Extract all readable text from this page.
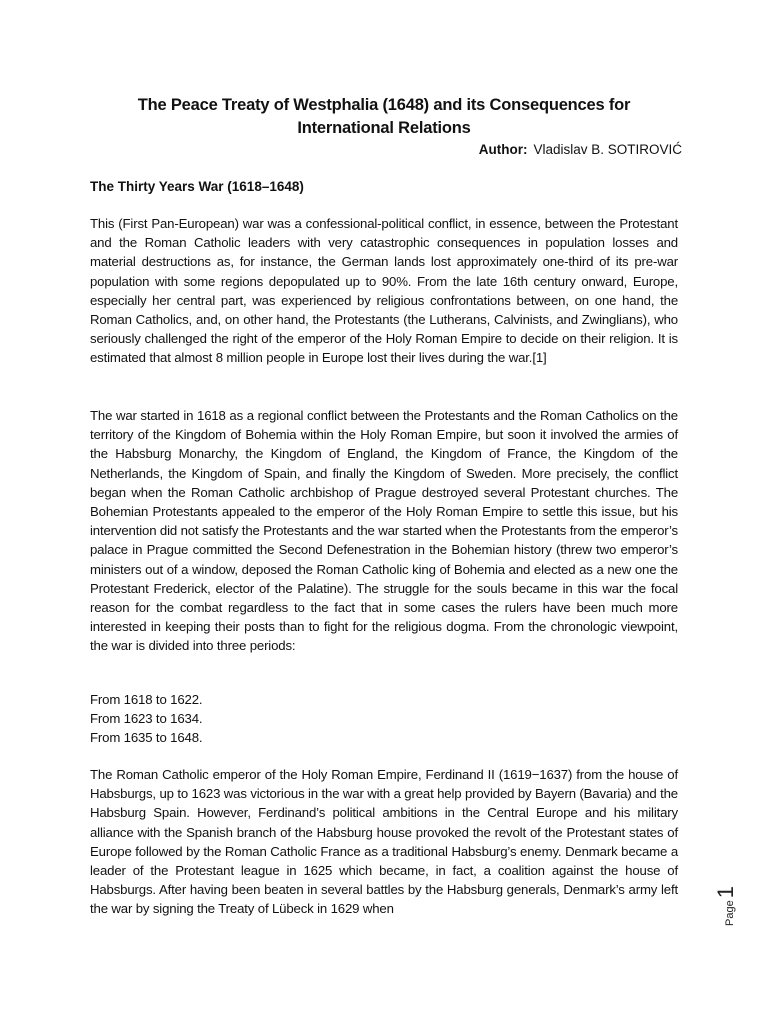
The Peace Treaty of Westphalia (1648) and its Consequences for International Relations
Author: Vladislav B. SOTIROVIĆ
The Thirty Years War (1618–1648)
This (First Pan-European) war was a confessional-political conflict, in essence, between the Protestant and the Roman Catholic leaders with very catastrophic consequences in population losses and material destructions as, for instance, the German lands lost approximately one-third of its pre-war population with some regions depopulated up to 90%. From the late 16th century onward, Europe, especially her central part, was experienced by religious confrontations between, on one hand, the Roman Catholics, and, on other hand, the Protestants (the Lutherans, Calvinists, and Zwinglians), who seriously challenged the right of the emperor of the Holy Roman Empire to decide on their religion. It is estimated that almost 8 million people in Europe lost their lives during the war.[1]
The war started in 1618 as a regional conflict between the Protestants and the Roman Catholics on the territory of the Kingdom of Bohemia within the Holy Roman Empire, but soon it involved the armies of the Habsburg Monarchy, the Kingdom of England, the Kingdom of France, the Kingdom of the Netherlands, the Kingdom of Spain, and finally the Kingdom of Sweden. More precisely, the conflict began when the Roman Catholic archbishop of Prague destroyed several Protestant churches. The Bohemian Protestants appealed to the emperor of the Holy Roman Empire to settle this issue, but his intervention did not satisfy the Protestants and the war started when the Protestants from the emperor’s palace in Prague committed the Second Defenestration in the Bohemian history (threw two emperor’s ministers out of a window, deposed the Roman Catholic king of Bohemia and elected as a new one the Protestant Frederick, elector of the Palatine). The struggle for the souls became in this war the focal reason for the combat regardless to the fact that in some cases the rulers have been much more interested in keeping their posts than to fight for the religious dogma. From the chronologic viewpoint, the war is divided into three periods:
From 1618 to 1622.
From 1623 to 1634.
From 1635 to 1648.
The Roman Catholic emperor of the Holy Roman Empire, Ferdinand II (1619−1637) from the house of Habsburgs, up to 1623 was victorious in the war with a great help provided by Bayern (Bavaria) and the Habsburg Spain. However, Ferdinand’s political ambitions in the Central Europe and his military alliance with the Spanish branch of the Habsburg house provoked the revolt of the Protestant states of Europe followed by the Roman Catholic France as a traditional Habsburg’s enemy. Denmark became a leader of the Protestant league in 1625 which became, in fact, a coalition against the house of Habsburgs. After having been beaten in several battles by the Habsburg generals, Denmark’s army left the war by signing the Treaty of Lübeck in 1629 when	Page1
